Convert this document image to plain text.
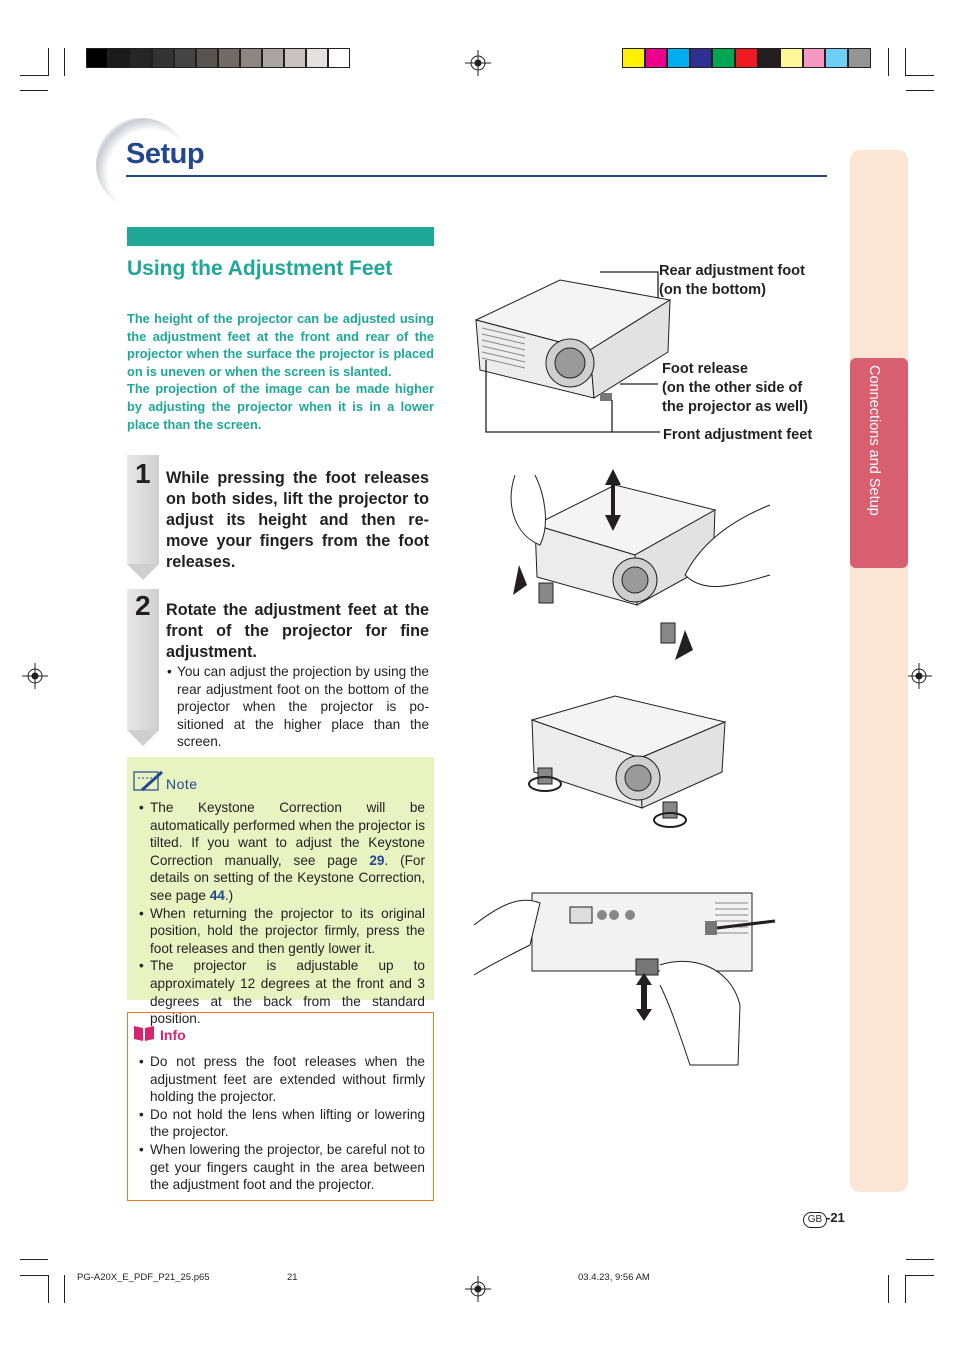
Connections and Setup
Setup
Using the Adjustment Feet
The height of the projector can be adjusted using the adjustment feet at the front and rear of the projector when the surface the projector is placed on is uneven or when the screen is slanted.
The projection of the image can be made higher by adjusting the projector when it is in a lower place than the screen.
1 While pressing the foot releases on both sides, lift the projector to adjust its height and then re-move your fingers from the foot releases.
2 Rotate the adjustment feet at the front of the projector for fine adjustment.
• You can adjust the projection by using the rear adjustment foot on the bottom of the projector when the projector is po-sitioned at the higher place than the screen.
Note

• The Keystone Correction will be automatically performed when the projector is tilted. If you want to adjust the Keystone Correction manually, see page 29. (For details on setting of the Keystone Correction, see page 44.)

• When returning the projector to its original position, hold the projector firmly, press the foot releases and then gently lower it.

• The projector is adjustable up to approximately 12 degrees at the front and 3 degrees at the back from the standard position.

Info

• Do not press the foot releases when the adjustment feet are extended without firmly holding the projector.

• Do not hold the lens when lifting or lowering the projector.

• When lowering the projector, be careful not to get your fingers caught in the area between the adjustment foot and the projector.

Rear adjustment foot
(on the bottom)
Foot release
(on the other side of
the projector as well)
Front adjustment feet
GB -21
PG-A20X_E_PDF_P21_25.p65	21	03.4.23, 9:56 AM
